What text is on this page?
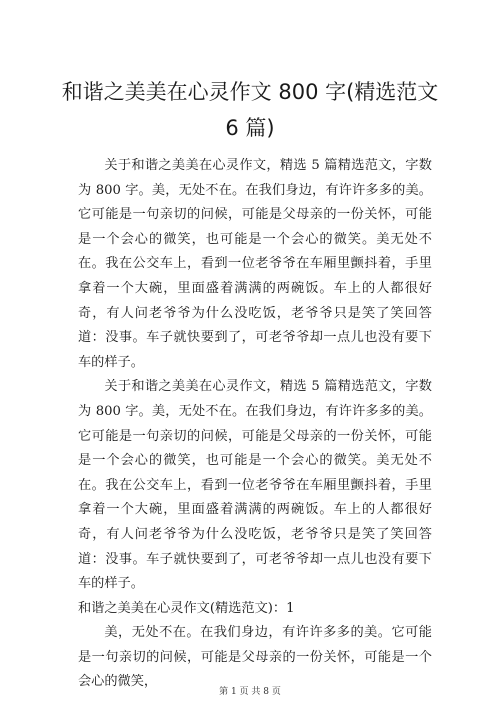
和谐之美美在心灵作文 800 字(精选范文 6 篇)

关于和谐之美美在心灵作文，精选 5 篇精选范文，字数为 800 字。美，无处不在。在我们身边，有许许多多的美。它可能是一句亲切的问候，可能是父母亲的一份关怀，可能是一个会心的微笑，也可能是一个会心的微笑。美无处不在。我在公交车上，看到一位老爷爷在车厢里颤抖着，手里拿着一个大碗，里面盛着满满的两碗饭。车上的人都很好奇，有人问老爷爷为什么没吃饭，老爷爷只是笑了笑回答道：没事。车子就快要到了，可老爷爷却一点儿也没有要下车的样子。

关于和谐之美美在心灵作文，精选 5 篇精选范文，字数为 800 字。美，无处不在。在我们身边，有许许多多的美。它可能是一句亲切的问候，可能是父母亲的一份关怀，可能是一个会心的微笑，也可能是一个会心的微笑。美无处不在。我在公交车上，看到一位老爷爷在车厢里颤抖着，手里拿着一个大碗，里面盛着满满的两碗饭。车上的人都很好奇，有人问老爷爷为什么没吃饭，老爷爷只是笑了笑回答道：没事。车子就快要到了，可老爷爷却一点儿也没有要下车的样子。

和谐之美美在心灵作文(精选范文)：1

美，无处不在。在我们身边，有许许多多的美。它可能是一句亲切的问候，可能是父母亲的一份关怀，可能是一个会心的微笑，

第 1 页 共 8 页
